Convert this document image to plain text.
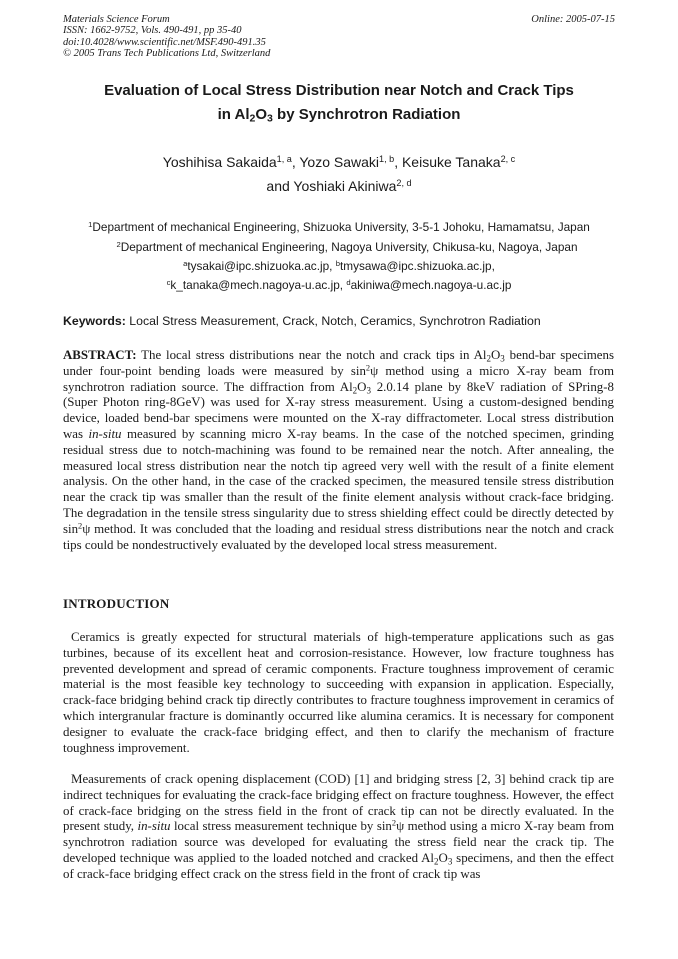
Materials Science Forum
ISSN: 1662-9752, Vols. 490-491, pp 35-40
doi:10.4028/www.scientific.net/MSF.490-491.35
© 2005 Trans Tech Publications Ltd, Switzerland
Online: 2005-07-15
Evaluation of Local Stress Distribution near Notch and Crack Tips
in $Al_2O_3$ by Synchrotron Radiation
Yoshihisa Sakaida$^{1, a}$, Yozo Sawaki$^{1, b}$, Keisuke Tanaka$^{2, c}$
and Yoshiaki Akiniwa$^{2, d}$
$^1$Department of mechanical Engineering, Shizuoka University, 3-5-1 Johoku, Hamamatsu, Japan
$^2$Department of mechanical Engineering, Nagoya University, Chikusa-ku, Nagoya, Japan
$^a$tysakai@ipc.shizuoka.ac.jp, $^b$tmysawa@ipc.shizuoka.ac.jp,
$^c$k_tanaka@mech.nagoya-u.ac.jp, $^d$akiniwa@mech.nagoya-u.ac.jp
Keywords: Local Stress Measurement, Crack, Notch, Ceramics, Synchrotron Radiation

ABSTRACT: The local stress distributions near the notch and crack tips in $Al_2O_3$ bend-bar specimens under four-point bending loads were measured by $\sin^2\psi$ method using a micro X-ray beam from synchrotron radiation source. The diffraction from $Al_2O_3$ 2.0.14 plane by 8keV radiation of SPring-8 (Super Photon ring-8GeV) was used for X-ray stress measurement. Using a custom-designed bending device, loaded bend-bar specimens were mounted on the X-ray diffractometer. Local stress distribution was in-situ measured by scanning micro X-ray beams. In the case of the notched specimen, grinding residual stress due to notch-machining was found to be remained near the notch. After annealing, the measured local stress distribution near the notch tip agreed very well with the result of a finite element analysis. On the other hand, in the case of the cracked specimen, the measured tensile stress distribution near the crack tip was smaller than the result of the finite element analysis without crack-face bridging. The degradation in the tensile stress singularity due to stress shielding effect could be directly detected by $\sin^2\psi$ method. It was concluded that the loading and residual stress distributions near the notch and crack tips could be nondestructively evaluated by the developed local stress measurement.

INTRODUCTION

Ceramics is greatly expected for structural materials of high-temperature applications such as gas turbines, because of its excellent heat and corrosion-resistance. However, low fracture toughness has prevented development and spread of ceramic components. Fracture toughness improvement of ceramic material is the most feasible key technology to succeeding with expansion in application. Especially, crack-face bridging behind crack tip directly contributes to fracture toughness improvement in ceramics of which intergranular fracture is dominantly occurred like alumina ceramics. It is necessary for component designer to evaluate the crack-face bridging effect, and then to clarify the mechanism of fracture toughness improvement.

Measurements of crack opening displacement (COD) [1] and bridging stress [2, 3] behind crack tip are indirect techniques for evaluating the crack-face bridging effect on fracture toughness. However, the effect of crack-face bridging on the stress field in the front of crack tip can not be directly evaluated. In the present study, in-situ local stress measurement technique by $\sin^2\psi$ method using a micro X-ray beam from synchrotron radiation source was developed for evaluating the stress field near the crack tip. The developed technique was applied to the loaded notched and cracked $Al_2O_3$ specimens, and then the effect of crack-face bridging effect crack on the stress field in the front of crack tip was
